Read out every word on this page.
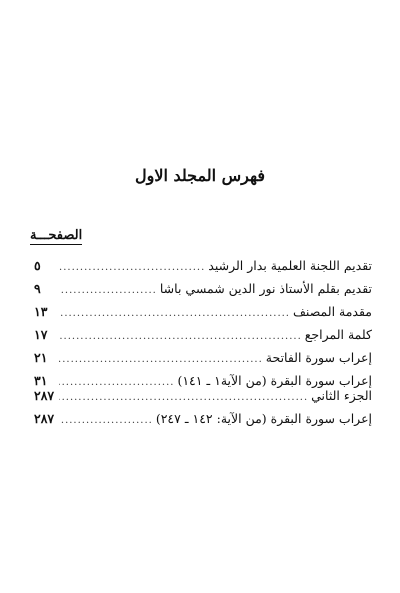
فهرس المجلد الاول
الصفحـــة
تقديم اللجنة العلمية بدار الرشيد
.....
٥
تقديم بقلم الأستاذ نور الدين شمسي باشا
.....
٩
مقدمة المصنف
.....
١٣
كلمة المراجع
.....
١٧
إعراب سورة الفاتحة
.....
٢١
إعراب سورة البقرة (من الآية١ ـ ١٤١)
.....
٣١
الجزء الثاني
.....
٢٨٧
إعراب سورة البقرة (من الآية: ١٤٢ ـ ٢٤٧)
.....
٢٨٧
